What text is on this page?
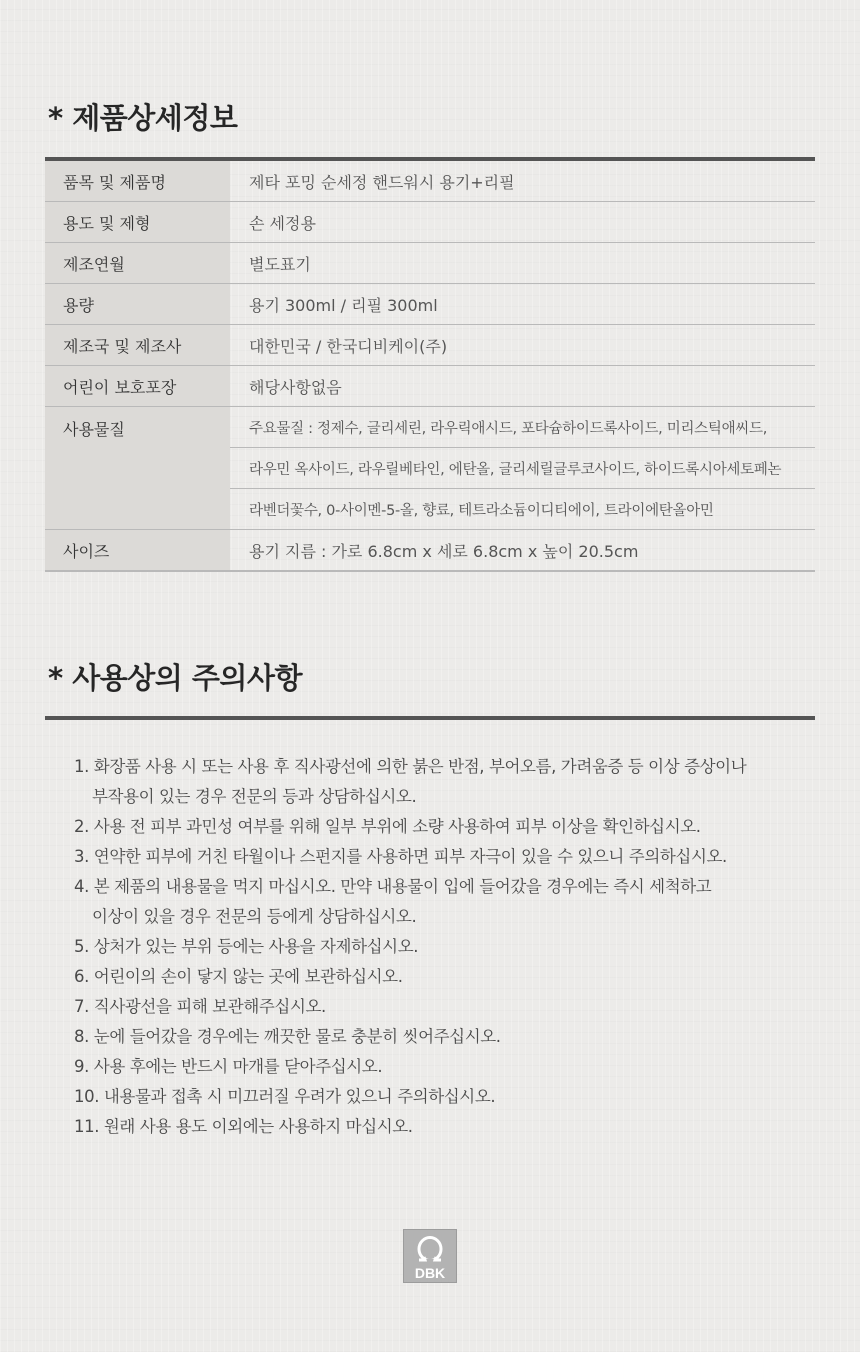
* 제품상세정보
품목 및 제품명	제타 포밍 순세정 핸드워시 용기+리필
용도 및 제형	손 세정용
제조연월	별도표기
용량	용기 300ml / 리필 300ml
제조국 및 제조사	대한민국 / 한국디비케이(주)
어린이 보호포장	해당사항없음
사용물질	주요물질 : 정제수, 글리세린, 라우릭애시드, 포타슘하이드록사이드, 미리스틱애씨드,
	라우민 옥사이드, 라우릴베타인, 에탄올, 글리세릴글루코사이드, 하이드록시아세토페논
	라벤더꽃수, 0-사이멘-5-올, 향료, 테트라소듐이디티에이, 트라이에탄올아민
사이즈	용기 지름 : 가로 6.8cm x 세로 6.8cm x 높이 20.5cm
* 사용상의 주의사항
1. 화장품 사용 시 또는 사용 후 직사광선에 의한 붉은 반점, 부어오름, 가려움증 등 이상 증상이나
부작용이 있는 경우 전문의 등과 상담하십시오.
2. 사용 전 피부 과민성 여부를 위해 일부 부위에 소량 사용하여 피부 이상을 확인하십시오.
3. 연약한 피부에 거친 타월이나 스펀지를 사용하면 피부 자극이 있을 수 있으니 주의하십시오.
4. 본 제품의 내용물을 먹지 마십시오. 만약 내용물이 입에 들어갔을 경우에는 즉시 세척하고
이상이 있을 경우 전문의 등에게 상담하십시오.
5. 상처가 있는 부위 등에는 사용을 자제하십시오.
6. 어린이의 손이 닿지 않는 곳에 보관하십시오.
7. 직사광선을 피해 보관해주십시오.
8. 눈에 들어갔을 경우에는 깨끗한 물로 충분히 씻어주십시오.
9. 사용 후에는 반드시 마개를 닫아주십시오.
10. 내용물과 접촉 시 미끄러질 우려가 있으니 주의하십시오.
11. 원래 사용 용도 이외에는 사용하지 마십시오.
DBK
